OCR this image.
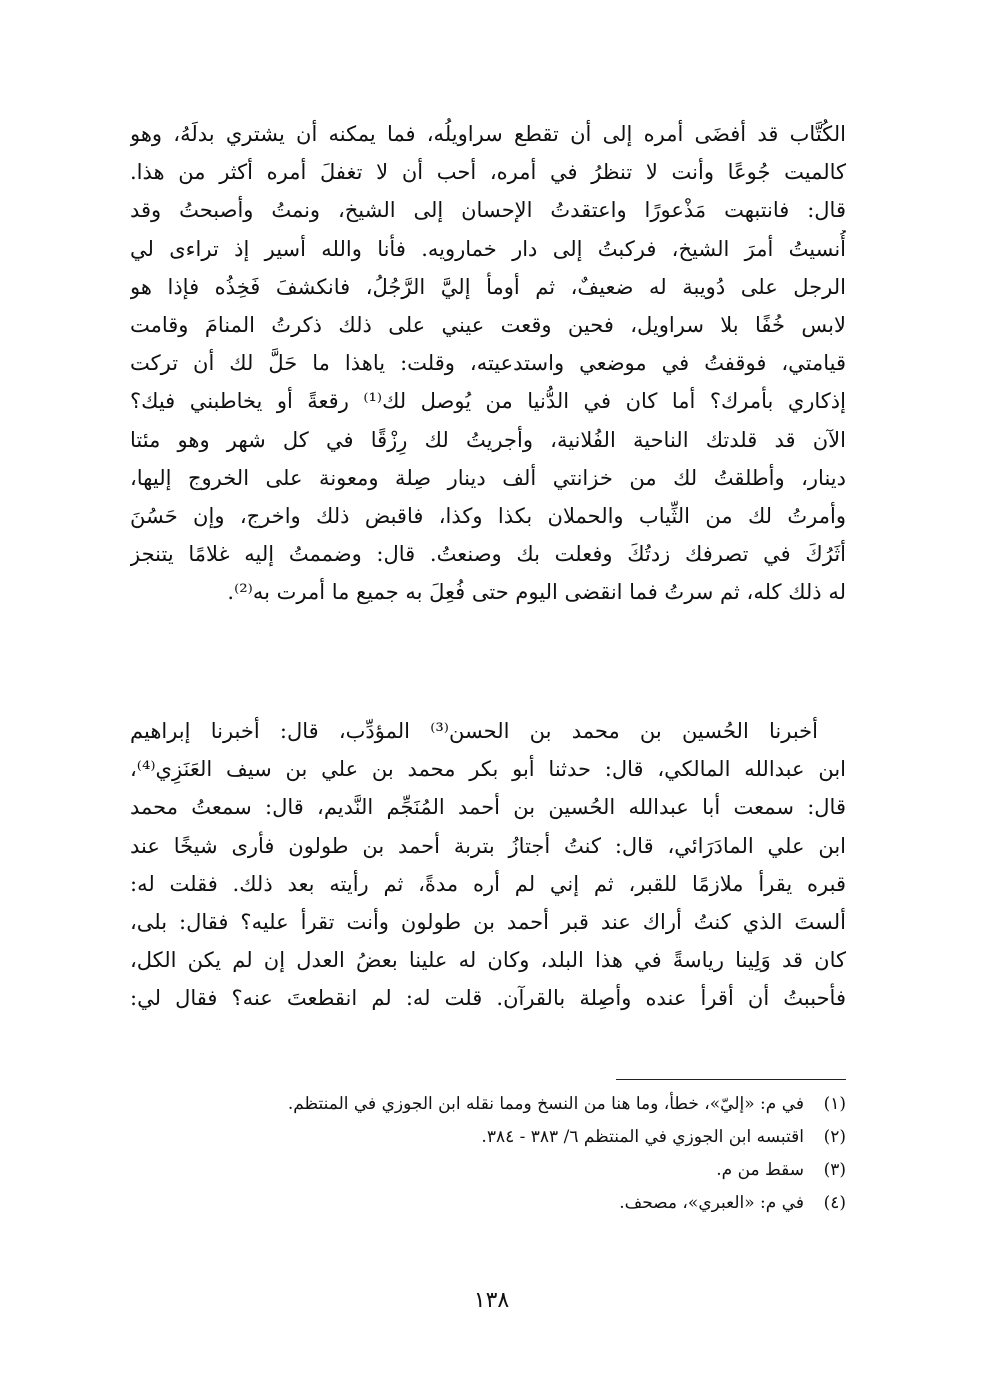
الكُتَّاب قد أفضَى أمره إلى أن تقطع سراويلُه، فما يمكنه أن يشتري بدلَهُ، وهو
كالميت جُوعًا وأنت لا تنظرُ في أمره، أحب أن لا تغفلَ أمره أكثر من هذا.
قال: فانتبهت مَذْعورًا واعتقدتُ الإحسان إلى الشيخ، ونمتُ وأصبحتُ وقد
أُنسيتُ أمرَ الشيخ، فركبتُ إلى دار خمارويه. فأنا والله أسير إذ تراءى لي
الرجل على دُويبة له ضعيفٌ، ثم أومأ إليَّ الرَّجُلُ، فانكشفَ فَخِذُه فإذا هو
لابس خُفًا بلا سراويل، فحين وقعت عيني على ذلك ذكرتُ المنامَ وقامت
قيامتي، فوقفتُ في موضعي واستدعيته، وقلت: ياهذا ما حَلَّ لك أن تركت
إذكاري بأمرك؟ أما كان في الدُّنيا من يُوصل لك⁽¹⁾ رقعةً أو يخاطبني فيك؟
الآن قد قلدتك الناحية الفُلانية، وأجريتُ لك رِزْقًا في كل شهر وهو مئتا
دينار، وأطلقتُ لك من خزانتي ألف دينار صِلة ومعونة على الخروج إليها،
وأمرتُ لك من الثِّياب والحملان بكذا وكذا، فاقبض ذلك واخرج، وإن حَسُنَ
أثَرُكَ في تصرفك زدتُكَ وفعلت بك وصنعتُ. قال: وضممتُ إليه غلامًا يتنجز
له ذلك كله، ثم سرتُ فما انقضى اليوم حتى فُعِلَ به جميع ما أمرت به⁽²⁾.
أخبرنا الحُسين بن محمد بن الحسن⁽³⁾ المؤدِّب، قال: أخبرنا إبراهيم
ابن عبدالله المالكي، قال: حدثنا أبو بكر محمد بن علي بن سيف العَنَزِي⁽⁴⁾،
قال: سمعت أبا عبدالله الحُسين بن أحمد المُنَجِّم النَّديم، قال: سمعتُ محمد
ابن علي المادَرَائي، قال: كنتُ أجتازُ بتربة أحمد بن طولون فأرى شيخًا عند
قبره يقرأ ملازمًا للقبر، ثم إني لم أره مدةً، ثم رأيته بعد ذلك. فقلت له:
ألستَ الذي كنتُ أراك عند قبر أحمد بن طولون وأنت تقرأ عليه؟ فقال: بلى،
كان قد وَلِينا رياسةً في هذا البلد، وكان له علينا بعضُ العدل إن لم يكن الكل،
فأحببتُ أن أقرأ عنده وأصِلة بالقرآن. قلت له: لم انقطعتَ عنه؟ فقال لي:
(١)
في م: «إليّ»، خطأ، وما هنا من النسخ ومما نقله ابن الجوزي في المنتظم.
(٢)
اقتبسه ابن الجوزي في المنتظم ٦/ ٣٨٣ - ٣٨٤.
(٣)
سقط من م.
(٤)
في م: «العبري»، مصحف.
١٣٨
